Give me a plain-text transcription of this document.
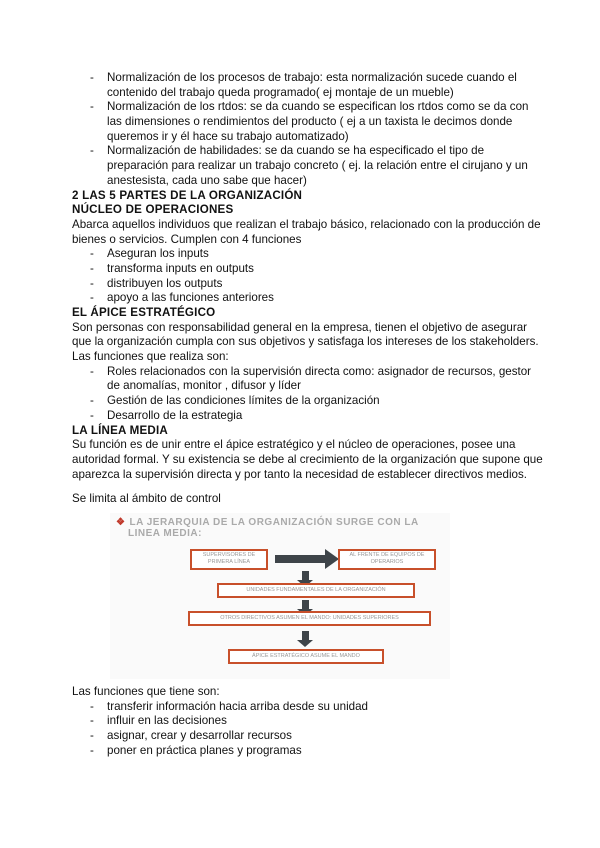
- Normalización de los procesos de trabajo: esta normalización sucede cuando el
contenido del trabajo queda programado( ej montaje de un mueble)
- Normalización de los rtdos: se da cuando se especifican los rtdos como se da con
las dimensiones o rendimientos del producto ( ej a un taxista le decimos donde
queremos ir y él hace su trabajo automatizado)
- Normalización de habilidades: se da cuando se ha especificado el tipo de
preparación para realizar un trabajo concreto ( ej. la relación entre el cirujano y un
anestesista, cada uno sabe que hacer)
2 LAS 5 PARTES DE LA ORGANIZACIÓN
NÚCLEO DE OPERACIONES
Abarca aquellos individuos que realizan el trabajo básico, relacionado con la producción de
bienes o servicios. Cumplen con 4 funciones
- Aseguran los inputs
- transforma inputs en outputs
- distribuyen los outputs
- apoyo a las funciones anteriores
EL ÁPICE ESTRATÉGICO
Son personas con responsabilidad general en la empresa, tienen el objetivo de asegurar
que la organización cumpla con sus objetivos y satisfaga los intereses de los stakeholders.
Las funciones que realiza son:
- Roles relacionados con la supervisión directa como: asignador de recursos, gestor
de anomalías, monitor , difusor y líder
- Gestión de las condiciones límites de la organización
- Desarrollo de la estrategia
LA LÍNEA MEDIA
Su función es de unir entre el ápice estratégico y el núcleo de operaciones, posee una
autoridad formal. Y su existencia se debe al crecimiento de la organización que supone que
aparezca la supervisión directa y por tanto la necesidad de establecer directivos medios.
Se limita al ámbito de control
❖ LA JERARQUIA DE LA ORGANIZACIÓN SURGE CON LA
LINEA MEDIA:
SUPERVISORES DE PRIMERA LÍNEA
AL FRENTE DE EQUIPOS DE OPERARIOS
UNIDADES FUNDAMENTALES DE LA ORGANIZACIÓN
OTROS DIRECTIVOS ASUMEN EL MANDO: UNIDADES SUPERIORES
ÁPICE ESTRATÉGICO ASUME EL MANDO
Las funciones que tiene son:
- transferir información hacia arriba desde su unidad
- influir en las decisiones
- asignar, crear y desarrollar recursos
- poner en práctica planes y programas
